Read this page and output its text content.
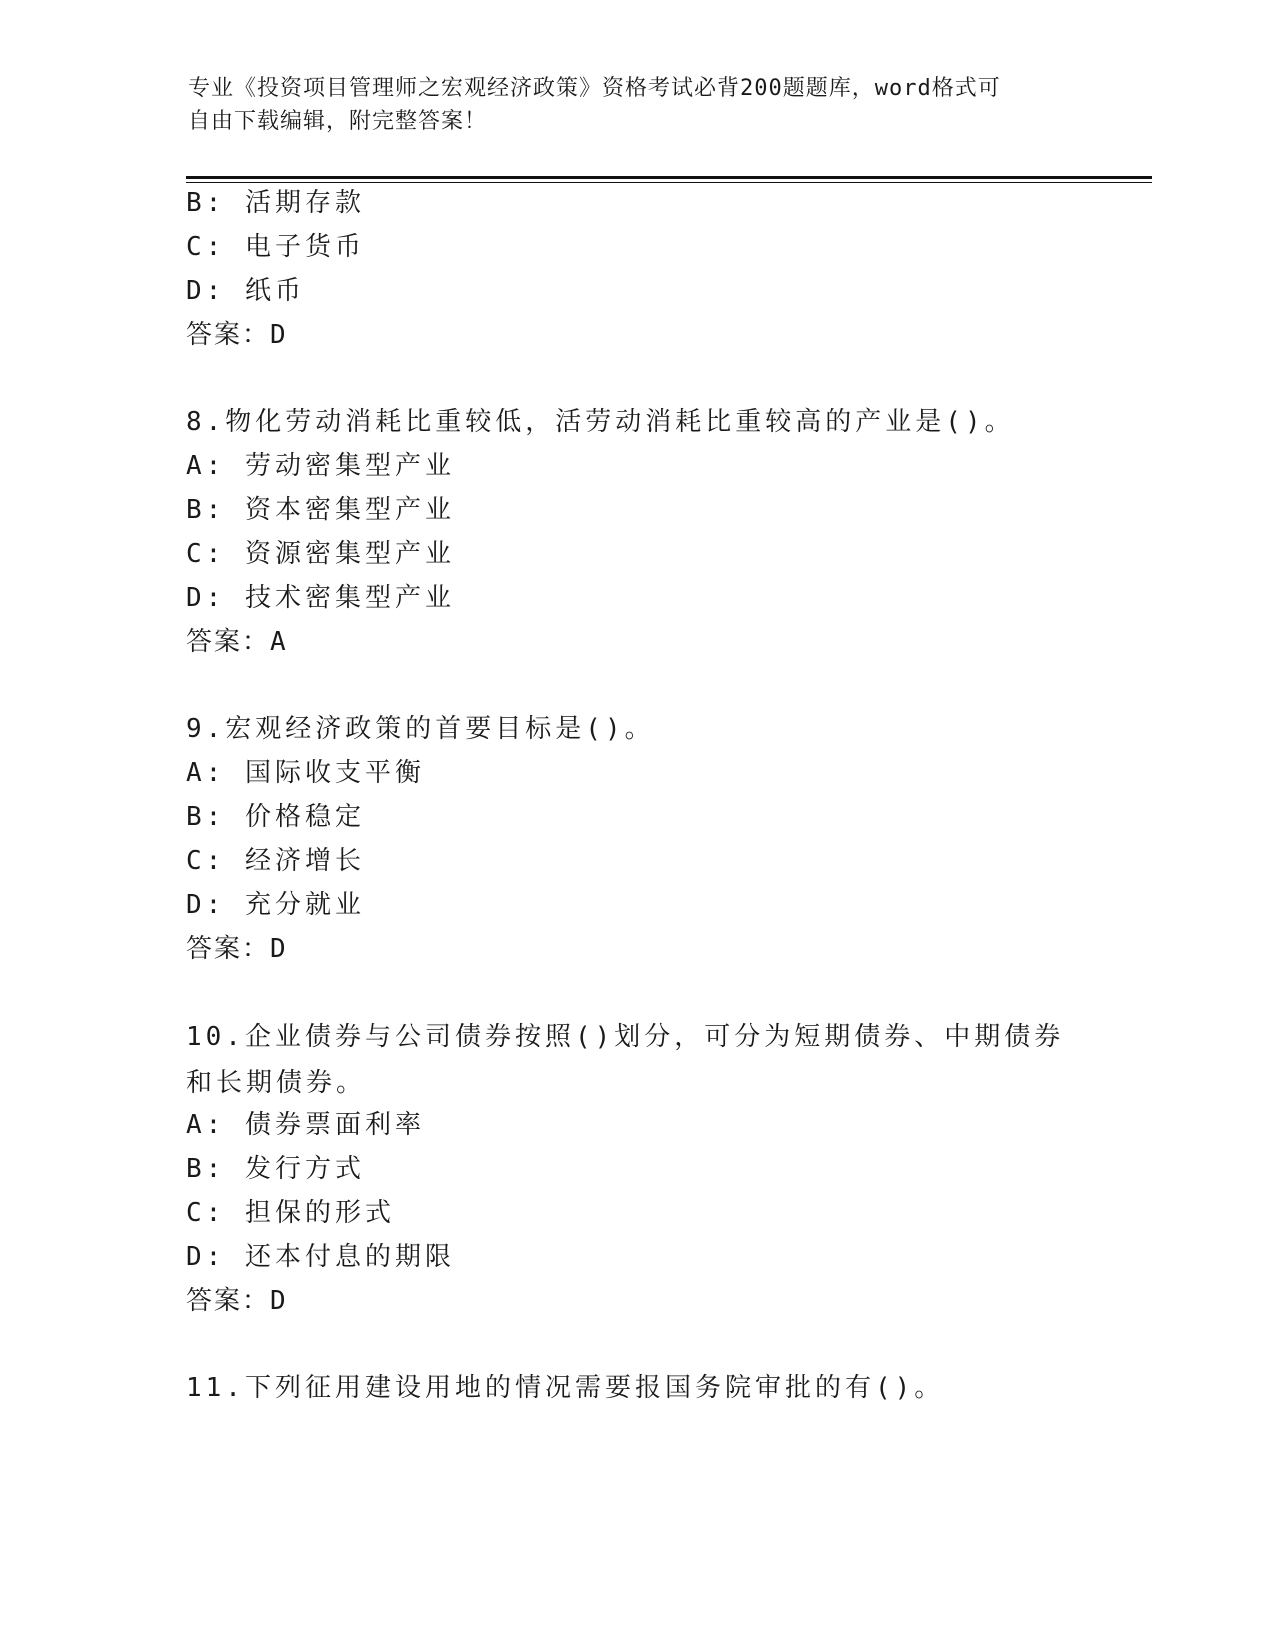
专业《投资项目管理师之宏观经济政策》资格考试必背200题题库，word格式可
自由下载编辑，附完整答案！
B: 活期存款
C: 电子货币
D: 纸币
答案：D
8.物化劳动消耗比重较低，活劳动消耗比重较高的产业是()。
A: 劳动密集型产业
B: 资本密集型产业
C: 资源密集型产业
D: 技术密集型产业
答案：A
9.宏观经济政策的首要目标是()。
A: 国际收支平衡
B: 价格稳定
C: 经济增长
D: 充分就业
答案：D
10.企业债券与公司债券按照()划分，可分为短期债券、中期债券和长期债券。
A: 债券票面利率
B: 发行方式
C: 担保的形式
D: 还本付息的期限
答案：D
11.下列征用建设用地的情况需要报国务院审批的有()。
